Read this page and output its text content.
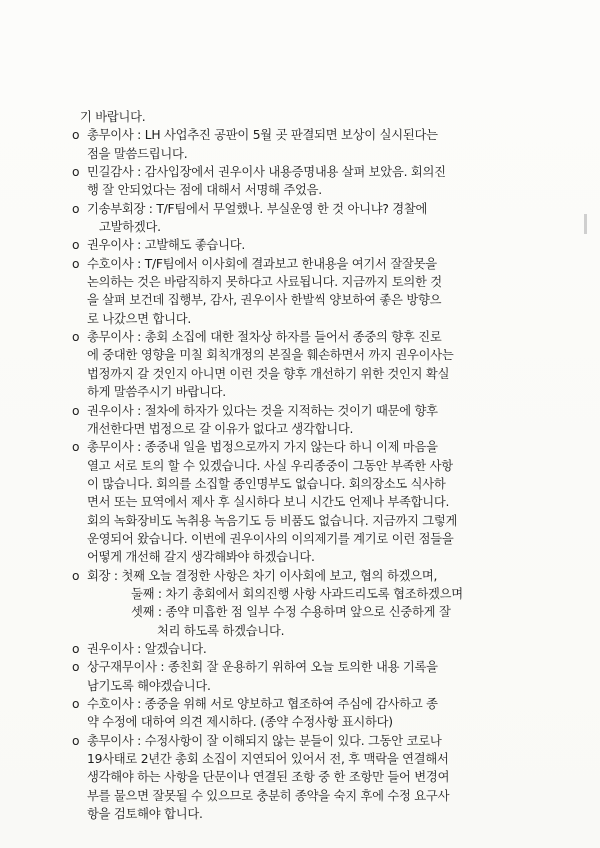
기 바랍니다.
o 총무이사 : LH 사업추진 공판이 5월 곳 판결되면 보상이 실시된다는
점을 말씀드립니다.
o 민길감사 : 감사입장에서 권우이사 내용증명내용 살펴 보았음. 회의진
행 잘 안되었다는 점에 대해서 서명해 주었음.
o 기송부회장 : T/F팀에서 무얼했나. 부실운영 한 것 아니냐? 경찰에
고발하겠다.
o 권우이사 : 고발해도 좋습니다.
o 수호이사 : T/F팀에서 이사회에 결과보고 한내용을 여기서 잘잘못을
논의하는 것은 바람직하지 못하다고 사료됩니다. 지금까지 토의한 것
을 살펴 보건데 집행부, 감사, 권우이사 한발씩 양보하여 좋은 방향으
로 나갔으면 합니다.
o 총무이사 : 총회 소집에 대한 절차상 하자를 들어서 종중의 향후 진로
에 중대한 영향을 미칠 회칙개정의 본질을 훼손하면서 까지 권우이사는
법정까지 갈 것인지 아니면 이런 것을 향후 개선하기 위한 것인지 확실
하게 말씀주시기 바랍니다.
o 권우이사 : 절차에 하자가 있다는 것을 지적하는 것이기 때문에 향후
개선한다면 법정으로 갈 이유가 없다고 생각합니다.
o 총무이사 : 종중내 일을 법정으로까지 가지 않는다 하니 이제 마음을
열고 서로 토의 할 수 있겠습니다. 사실 우리종중이 그동안 부족한 사항
이 많습니다. 회의를 소집할 종인명부도 없습니다. 회의장소도 식사하
면서 또는 묘역에서 제사 후 실시하다 보니 시간도 언제나 부족합니다.
회의 녹화장비도 녹취용 녹음기도 등 비품도 없습니다. 지금까지 그렇게
운영되어 왔습니다. 이번에 권우이사의 이의제기를 계기로 이런 점들을
어떻게 개선해 갈지 생각해봐야 하겠습니다.
o 회장 : 첫째 오늘 결정한 사항은 차기 이사회에 보고, 협의 하겠으며,
둘째 : 차기 총회에서 회의진행 사항 사과드리도록 협조하겠으며
셋째 : 종약 미흡한 점 일부 수정 수용하며 앞으로 신중하게 잘
처리 하도록 하겠습니다.
o 권우이사 : 알겠습니다.
o 상구재무이사 : 종친회 잘 운용하기 위하여 오늘 토의한 내용 기록을
남기도록 해야겠습니다.
o 수호이사 : 종중을 위해 서로 양보하고 협조하여 주심에 감사하고 종
약 수정에 대하여 의견 제시하다. (종약 수정사항 표시하다)
o 총무이사 : 수정사항이 잘 이해되지 않는 분들이 있다. 그동안 코로나
19사태로 2년간 총회 소집이 지연되어 있어서 전, 후 맥락을 연결해서
생각해야 하는 사항을 단문이나 연결된 조항 중 한 조항만 들어 변경여
부를 물으면 잘못될 수 있으므로 충분히 종약을 숙지 후에 수정 요구사
항을 검토해야 합니다.
